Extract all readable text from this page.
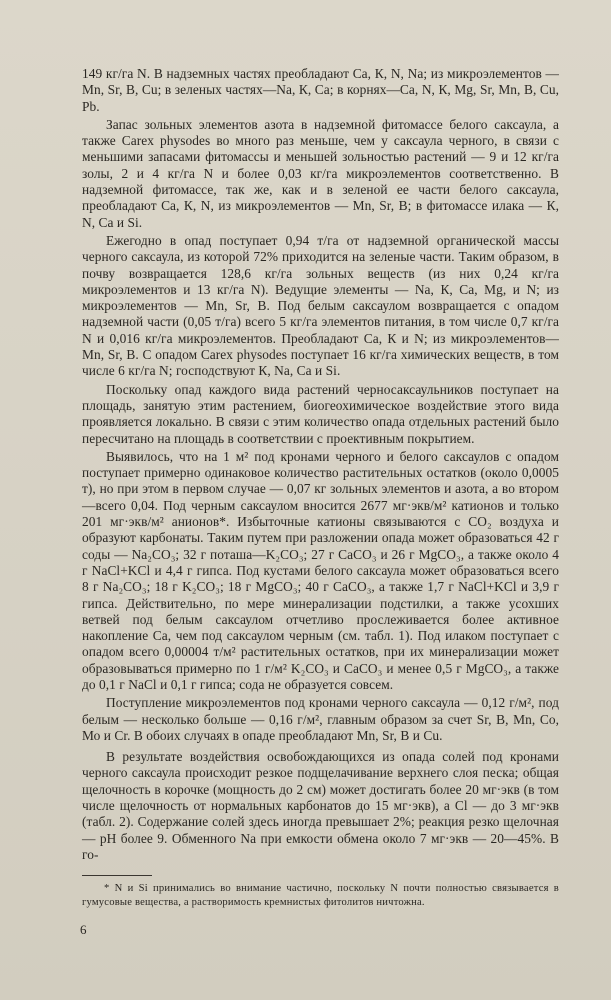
149 кг/га N. В надземных частях преобладают Са, К, N, Na; из микроэлементов — Mn, Sr, В, Cu; в зеленых частях—Na, К, Са; в корнях—Са, N, К, Mg, Sr, Mn, В, Cu, Pb.

Запас зольных элементов азота в надземной фитомассе белого саксаула, а также Carex physodes во много раз меньше, чем у саксаула черного, в связи с меньшими запасами фитомассы и меньшей зольностью растений — 9 и 12 кг/га золы, 2 и 4 кг/га N и более 0,03 кг/га микроэлементов соответственно. В надземной фитомассе, так же, как и в зеленой ее части белого саксаула, преобладают Са, К, N, из микроэлементов — Mn, Sr, В; в фитомассе илака — К, N, Са и Si.

Ежегодно в опад поступает 0,94 т/га от надземной органической массы черного саксаула, из которой 72% приходится на зеленые части. Таким образом, в почву возвращается 128,6 кг/га зольных веществ (из них 0,24 кг/га микроэлементов и 13 кг/га N). Ведущие элементы — Na, К, Са, Mg, и N; из микроэлементов — Mn, Sr, В. Под белым саксаулом возвращается с опадом надземной части (0,05 т/га) всего 5 кг/га элементов питания, в том числе 0,7 кг/га N и 0,016 кг/га микроэлементов. Преобладают Са, К и N; из микроэлементов—Mn, Sr, В. С опадом Carex physodes поступает 16 кг/га химических веществ, в том числе 6 кг/га N; господствуют К, Na, Са и Si.

Поскольку опад каждого вида растений черносаксаульников поступает на площадь, занятую этим растением, биогеохимическое воздействие этого вида проявляется локально. В связи с этим количество опада отдельных растений было пересчитано на площадь в соответствии с проективным покрытием.

Выявилось, что на 1 м² под кронами черного и белого саксаулов с опадом поступает примерно одинаковое количество растительных остатков (около 0,0005 т), но при этом в первом случае — 0,07 кг зольных элементов и азота, а во втором—всего 0,04. Под черным саксаулом вносится 2677 мг·экв/м² катионов и только 201 мг·экв/м² анионов*. Избыточные катионы связываются с CO₂ воздуха и образуют карбонаты. Таким путем при разложении опада может образоваться 42 г соды — Na₂CO₃; 32 г поташа—K₂CO₃; 27 г CaCO₃ и 26 г MgCO₃, а также около 4 г NaCl+KCl и 4,4 г гипса. Под кустами белого саксаула может образоваться всего 8 г Na₂CO₃; 18 г K₂CO₃; 18 г MgCO₃; 40 г CaCO₃, а также 1,7 г NaCl+KCl и 3,9 г гипса. Действительно, по мере минерализации подстилки, а также усохших ветвей под белым саксаулом отчетливо прослеживается более активное накопление Са, чем под саксаулом черным (см. табл. 1). Под илаком поступает с опадом всего 0,00004 т/м² растительных остатков, при их минерализации может образовываться примерно по 1 г/м² K₂CO₃ и CaCO₃ и менее 0,5 г MgCO₃, а также до 0,1 г NaCl и 0,1 г гипса; сода не образуется совсем.

Поступление микроэлементов под кронами черного саксаула — 0,12 г/м², под белым — несколько больше — 0,16 г/м², главным образом за счет Sr, В, Mn, Со, Мо и Сr. В обоих случаях в опаде преобладают Mn, Sr, В и Cu.

В результате воздействия освобождающихся из опада солей под кронами черного саксаула происходит резкое подщелачивание верхнего слоя песка; общая щелочность в корочке (мощность до 2 см) может достигать более 20 мг·экв (в том числе щелочность от нормальных карбонатов до 15 мг·экв), a Cl — до 3 мг·экв (табл. 2). Содержание солей здесь иногда превышает 2%; реакция резко щелочная — рН более 9. Обменного Na при емкости обмена около 7 мг·экв — 20—45%. В го-

* N и Si принимались во внимание частично, поскольку N почти полностью связывается в гумусовые вещества, а растворимость кремнистых фитолитов ничтожна.
6
